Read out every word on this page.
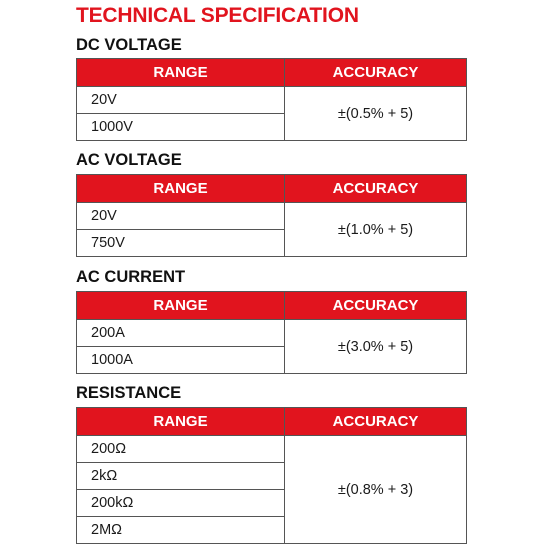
TECHNICAL SPECIFICATION
DC VOLTAGE
RANGE	ACCURACY
20V	±(0.5% + 5)
1000V	
AC VOLTAGE
RANGE	ACCURACY
20V	±(1.0% + 5)
750V	
AC CURRENT
RANGE	ACCURACY
200A	±(3.0% + 5)
1000A	
RESISTANCE
RANGE	ACCURACY
200Ω	±(0.8% + 3)
2kΩ	
200kΩ	
2MΩ	
